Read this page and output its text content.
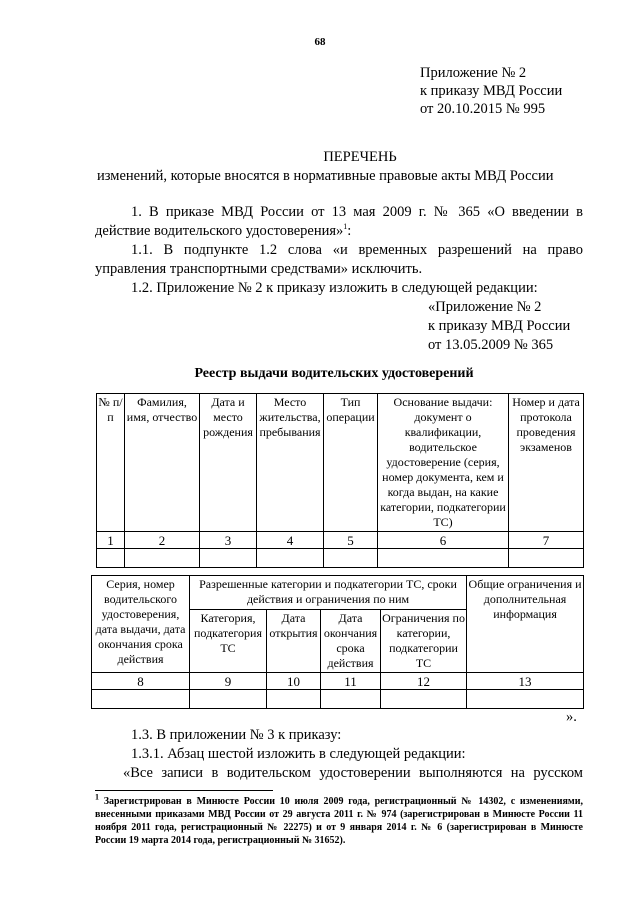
68
Приложение № 2
к приказу МВД России
от 20.10.2015 № 995
ПЕРЕЧЕНЬ
изменений, которые вносятся в нормативные правовые акты МВД России
1. В приказе МВД России от 13 мая 2009 г. № 365 «О введении в
действие водительского удостоверения»$^1$:
1.1. В подпункте 1.2 слова «и временных разрешений на право
управления транспортными средствами» исключить.
1.2. Приложение № 2 к приказу изложить в следующей редакции:
«Приложение № 2
к приказу МВД России
от 13.05.2009 № 365
Реестр выдачи водительских удостоверений
№ п/п	Фамилия, имя, отчество	Дата и место рождения	Место жительства, пребывания	Тип операции	Основание выдачи: документ о квалификации, водительское удостоверение (серия, номер документа, кем и когда выдан, на какие категории, подкатегории ТС)	Номер и дата протокола проведения экзаменов
1	2	3	4	5	6	7

Серия, номер водительского удостоверения, дата выдачи, дата окончания срока действия	Разрешенные категории и подкатегории ТС, сроки действия и ограничения по ним				Общие ограничения и дополнительная информация
	Категория, подкатегория ТС	Дата открытия	Дата окончания срока действия	Ограничения по категории, подкатегории ТС	
8	9	10	11	12	13

».
1.3. В приложении № 3 к приказу:
1.3.1. Абзац шестой изложить в следующей редакции:
«Все записи в водительском удостоверении выполняются на русском
$^1$ Зарегистрирован в Минюсте России 10 июля 2009 года, регистрационный № 14302, с изменениями, внесенными приказами МВД России от 29 августа 2011 г. № 974 (зарегистрирован в Минюсте России 11 ноября 2011 года, регистрационный № 22275) и от 9 января 2014 г. № 6 (зарегистрирован в Минюсте России 19 марта 2014 года, регистрационный № 31652).
